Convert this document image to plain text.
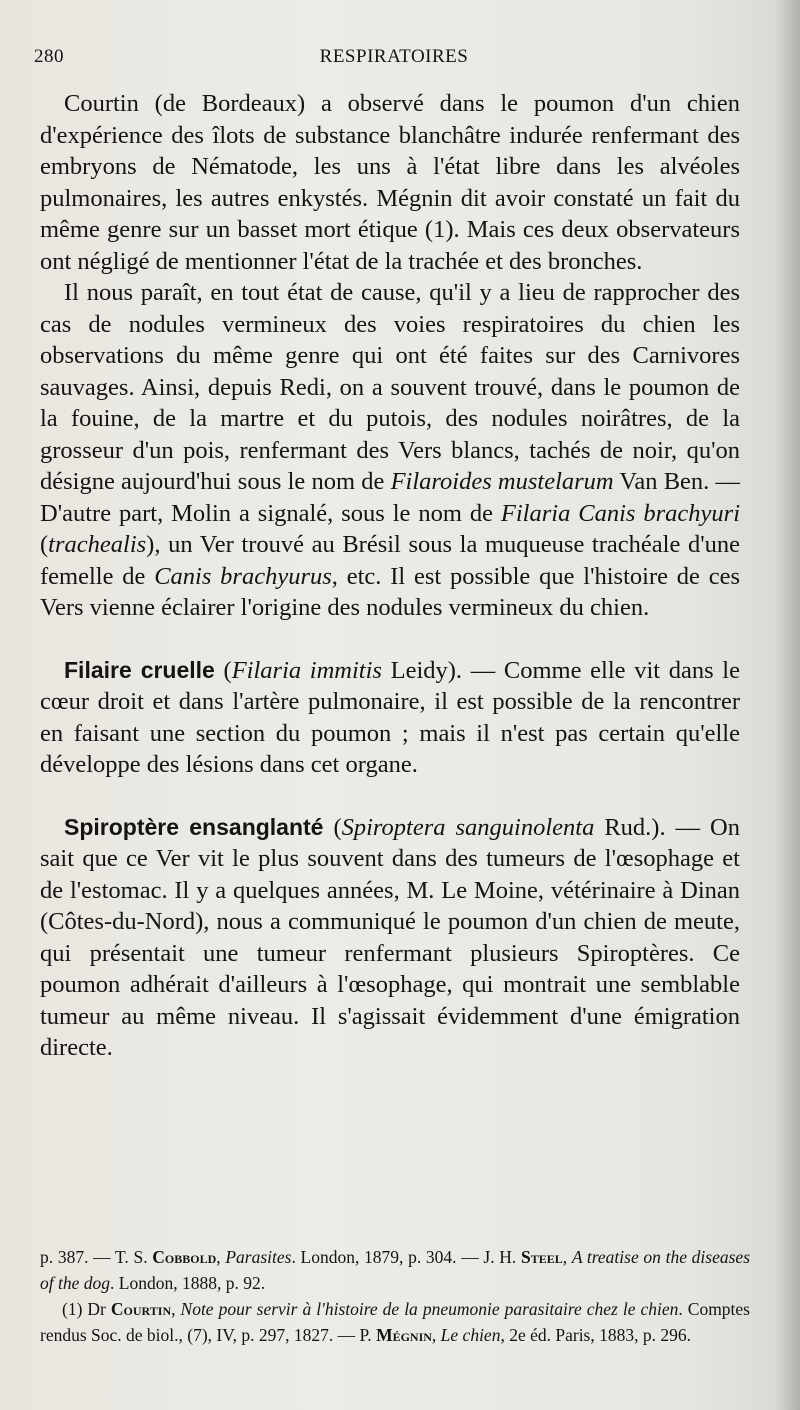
RESPIRATOIRES
280

Courtin (de Bordeaux) a observé dans le poumon d'un chien d'expérience des îlots de substance blanchâtre indurée renfermant des embryons de Nématode, les uns à l'état libre dans les alvéoles pulmonaires, les autres enkystés. Mégnin dit avoir constaté un fait du même genre sur un basset mort étique (1). Mais ces deux observateurs ont négligé de mentionner l'état de la trachée et des bronches.

Il nous paraît, en tout état de cause, qu'il y a lieu de rapprocher des cas de nodules vermineux des voies respiratoires du chien les observations du même genre qui ont été faites sur des Carnivores sauvages. Ainsi, depuis Redi, on a souvent trouvé, dans le poumon de la fouine, de la martre et du putois, des nodules noirâtres, de la grosseur d'un pois, renfermant des Vers blancs, tachés de noir, qu'on désigne aujourd'hui sous le nom de Filaroides mustelarum Van Ben. — D'autre part, Molin a signalé, sous le nom de Filaria Canis brachyuri (trachealis), un Ver trouvé au Brésil sous la muqueuse trachéale d'une femelle de Canis brachyurus, etc. Il est possible que l'histoire de ces Vers vienne éclairer l'origine des nodules vermineux du chien.

Filaire cruelle (Filaria immitis Leidy). — Comme elle vit dans le cœur droit et dans l'artère pulmonaire, il est possible de la rencontrer en faisant une section du poumon ; mais il n'est pas certain qu'elle développe des lésions dans cet organe.

Spiroptère ensanglanté (Spiroptera sanguinolenta Rud.). — On sait que ce Ver vit le plus souvent dans des tumeurs de l'œsophage et de l'estomac. Il y a quelques années, M. Le Moine, vétérinaire à Dinan (Côtes-du-Nord), nous a communiqué le poumon d'un chien de meute, qui présentait une tumeur renfermant plusieurs Spiroptères. Ce poumon adhérait d'ailleurs à l'œsophage, qui montrait une semblable tumeur au même niveau. Il s'agissait évidemment d'une émigration directe.

p. 387. — T. S. Cobbold, Parasites. London, 1879, p. 304. — J. H. Steel, A treatise on the diseases of the dog. London, 1888, p. 92.

(1) Dr Courtin, Note pour servir à l'histoire de la pneumonie parasitaire chez le chien. Comptes rendus Soc. de biol., (7), IV, p. 297, 1827. — P. Mégnin, Le chien, 2e éd. Paris, 1883, p. 296.
